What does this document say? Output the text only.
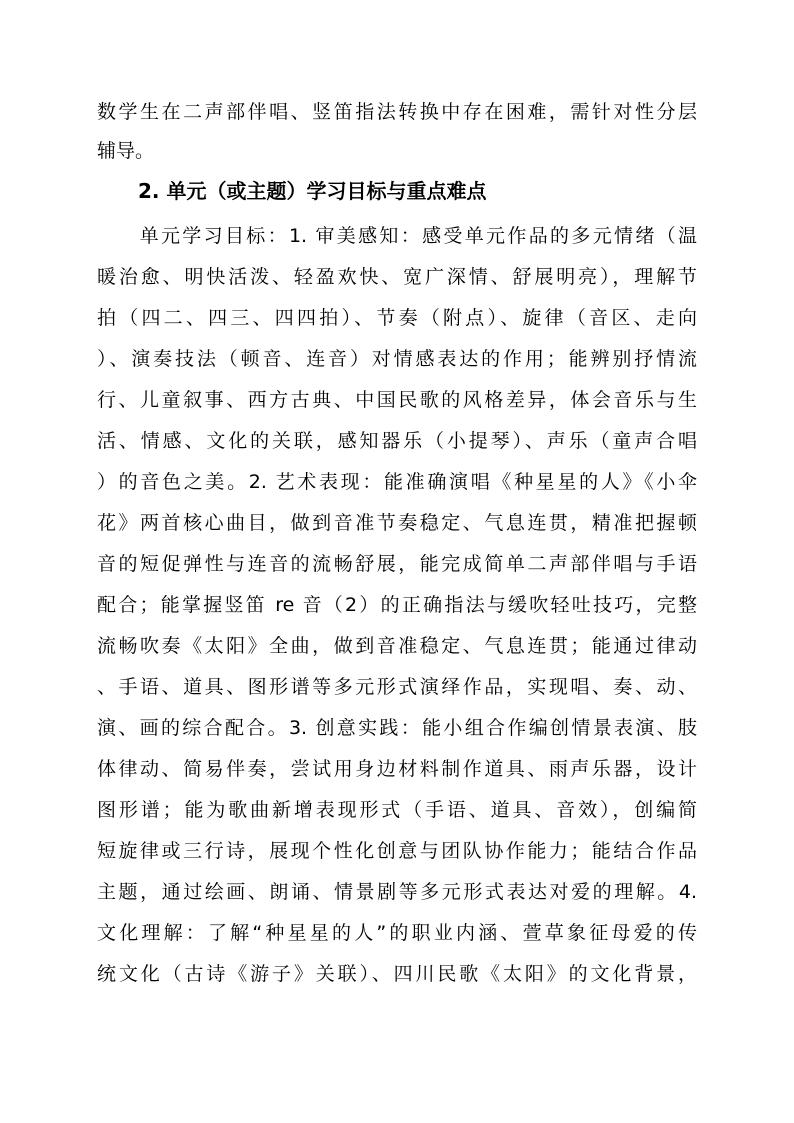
数学生在二声部伴唱、竖笛指法转换中存在困难，需针对性分层
辅导。
2. 单元（或主题）学习目标与重点难点
　　单元学习目标：1. 审美感知：感受单元作品的多元情绪（温
暖治愈、明快活泼、轻盈欢快、宽广深情、舒展明亮），理解节
拍（四二、四三、四四拍）、节奏（附点）、旋律（音区、走向
）、演奏技法（顿音、连音）对情感表达的作用；能辨别抒情流
行、儿童叙事、西方古典、中国民歌的风格差异，体会音乐与生
活、情感、文化的关联，感知器乐（小提琴）、声乐（童声合唱
）的音色之美。2. 艺术表现：能准确演唱《种星星的人》《小伞
花》两首核心曲目，做到音准节奏稳定、气息连贯，精准把握顿
音的短促弹性与连音的流畅舒展，能完成简单二声部伴唱与手语
配合；能掌握竖笛 re 音（2）的正确指法与缓吹轻吐技巧，完整
流畅吹奏《太阳》全曲，做到音准稳定、气息连贯；能通过律动
、手语、道具、图形谱等多元形式演绎作品，实现唱、奏、动、
演、画的综合配合。3. 创意实践：能小组合作编创情景表演、肢
体律动、简易伴奏，尝试用身边材料制作道具、雨声乐器，设计
图形谱；能为歌曲新增表现形式（手语、道具、音效），创编简
短旋律或三行诗，展现个性化创意与团队协作能力；能结合作品
主题，通过绘画、朗诵、情景剧等多元形式表达对爱的理解。4.
文化理解：了解“种星星的人”的职业内涵、萱草象征母爱的传
统文化（古诗《游子》关联）、四川民歌《太阳》的文化背景，
